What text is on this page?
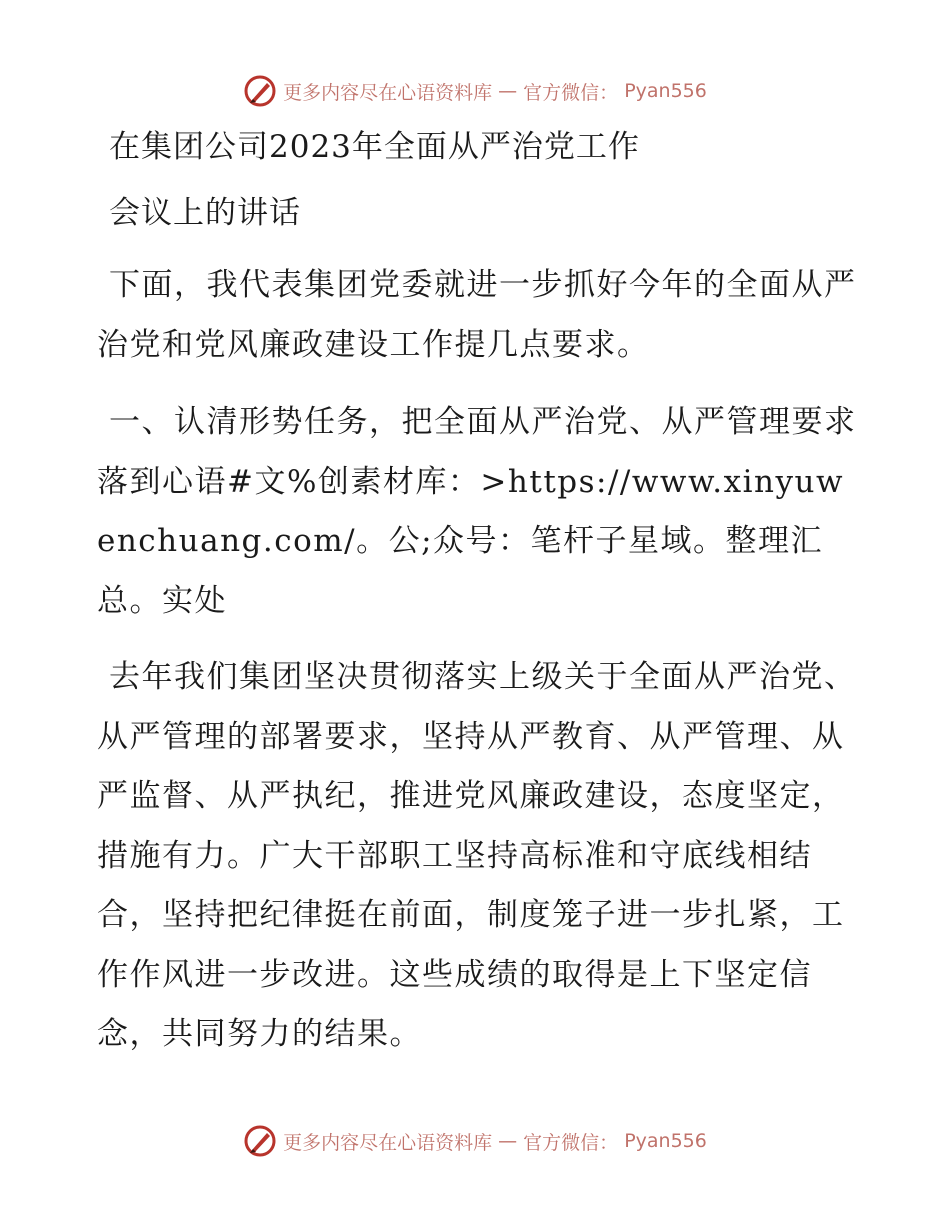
更多内容尽在心语资料库 — 官方微信： Pyan556
在集团公司2023年全面从严治党工作
会议上的讲话

下面，我代表集团党委就进一步抓好今年的全面从严治党和党风廉政建设工作提几点要求。

一、认清形势任务，把全面从严治党、从严管理要求落到心语#文%创素材库：>https://www.xinyuwenchuang.com/。公;众号：笔杆子星域。整理汇总。实处

去年我们集团坚决贯彻落实上级关于全面从严治党、从严管理的部署要求，坚持从严教育、从严管理、从严监督、从严执纪，推进党风廉政建设，态度坚定，措施有力。广大干部职工坚持高标准和守底线相结合，坚持把纪律挺在前面，制度笼子进一步扎紧，工作作风进一步改进。这些成绩的取得是上下坚定信念，共同努力的结果。

更多内容尽在心语资料库 — 官方微信： Pyan556
